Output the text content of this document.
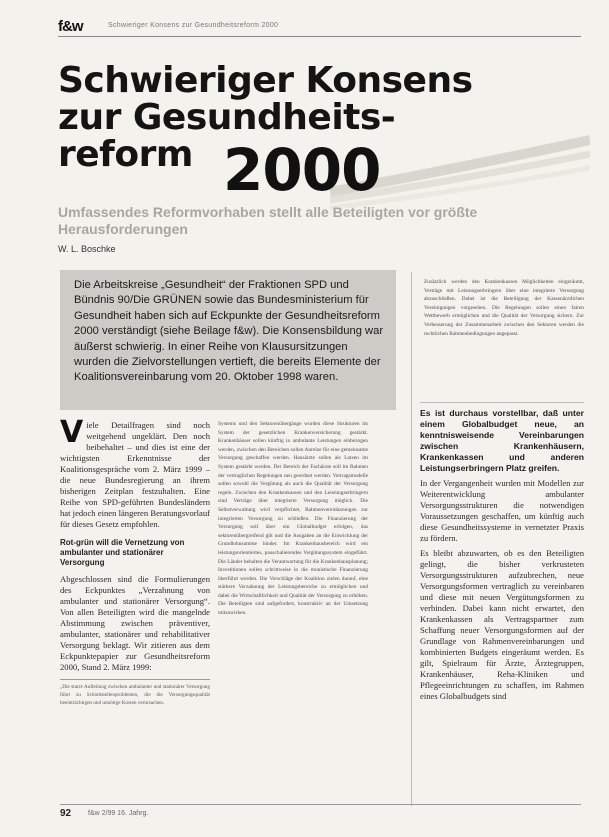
f&w	Schwieriger Konsens zur Gesundheitsreform 2000
Schwieriger Konsens zur Gesundheits-reform 2000

Umfassendes Reformvorhaben stellt alle Beteiligten vor größte Herausforderungen

W. L. Boschke
Die Arbeitskreise „Gesundheit“ der Fraktionen SPD und Bündnis 90/Die GRÜNEN sowie das Bundesministerium für Gesundheit haben sich auf Eckpunkte der Gesundheitsreform 2000 verständigt (siehe Beilage f&w). Die Konsensbildung war äußerst schwierig. In einer Reihe von Klausursitzungen wurden die Zielvorstellungen vertieft, die bereits Elemente der Koalitionsvereinbarung vom 20. Oktober 1998 waren.

Viele Detailfragen sind noch weitgehend ungeklärt. Den noch beibehaltet – und dies ist eine der wichtigsten Erkenntnisse der Koalitionsgespräche vom 2. März 1999 – die neue Bundesregierung an ihrem bisherigen Zeitplan festzuhalten. Eine Reihe von SPD-geführten Bundesländern hat jedoch einen längeren Beratungsvorlauf für dieses Gesetz empfohlen.

Rot-grün will die Vernetzung von ambulanter und stationärer Versorgung

Abgeschlossen sind die Formulierungen des Eckpunktes „Verzahnung von ambulanter und stationärer Versorgung“. Von allen Beteiligten wird die mangelnde Abstimmung zwischen präventiver, ambulanter, stationärer und rehabilitativer Versorgung beklagt. Wir zitieren aus dem Eckpunktepapier zur Gesundheitsreform 2000, Stand 2. März 1999:

„Die starre Aufteilung zwischen ambulanter und stationärer Versorgung führt zu Schnittstellenproblemen, die die Versorgungsqualität beeinträchtigen und unnötige Kosten verursachen.

Systems und den Sektorenübergänge wurden diese Strukturen im System der gesetzlichen Krankenversicherung gestärkt. Krankenhäuser sollen künftig in ambulante Leistungen einbezogen werden, zwischen den Bereichen sollen Anreize für eine gemeinsame Versorgung geschaffen werden. Hausärzte sollen als Lotsen im System gestärkt werden. Der Bereich der Fachärzte soll im Rahmen der vertraglichen Regelungen neu geordnet werden. Vertragsmodelle sollen sowohl die Vergütung als auch die Qualität der Versorgung regeln. Zwischen den Krankenkassen und den Leistungserbringern sind Verträge über integrierte Versorgung möglich. Die Selbstverwaltung wird verpflichtet, Rahmenvereinbarungen zur integrierten Versorgung zu schließen. Die Finanzierung der Versorgung soll über ein Globalbudget erfolgen, das sektorenübergreifend gilt und die Ausgaben an die Entwicklung der Grundlohnsumme bindet. Im Krankenhausbereich wird ein leistungsorientiertes, pauschalierendes Vergütungssystem eingeführt. Die Länder behalten die Verantwortung für die Krankenhausplanung; Investitionen sollen schrittweise in die monistische Finanzierung überführt werden. Die Vorschläge der Koalition zielen darauf, eine stärkere Verzahnung der Leistungsbereiche zu ermöglichen und dabei die Wirtschaftlichkeit und Qualität der Versorgung zu erhöhen. Die Beteiligten sind aufgefordert, konstruktiv an der Umsetzung mitzuwirken.

Zusätzlich werden den Krankenkassen Möglichkeiten eingeräumt, Verträge mit Leistungserbringern über eine integrierte Versorgung abzuschließen. Dabei ist die Beteiligung der Kassenärztlichen Vereinigungen vorgesehen. Die Regelungen sollen einen fairen Wettbewerb ermöglichen und die Qualität der Versorgung sichern. Zur Verbesserung der Zusammenarbeit zwischen den Sektoren werden die rechtlichen Rahmenbedingungen angepasst.

Es ist durchaus vorstellbar, daß unter einem Globalbudget neue, an kenntnisweisende Vereinbarungen zwischen Krankenhäusern, Krankenkassen und anderen Leistungserbringern Platz greifen.

In der Vergangenheit wurden mit Modellen zur Weiterentwicklung ambulanter Versorgungsstrukturen die notwendigen Voraussetzungen geschaffen, um künftig auch diese Gesundheitssysteme in vernetzter Praxis zu fördern.

Es bleibt abzuwarten, ob es den Beteiligten gelingt, die bisher verkrusteten Versorgungsstrukturen aufzubrechen, neue Versorgungsformen vertraglich zu vereinbaren und diese mit neuen Vergütungsformen zu verbinden. Dabei kann nicht erwartet, den Krankenkassen als Vertragspartner zum Schaffung neuer Versorgungsformen auf der Grundlage von Rahmenvereinbarungen und kombinierten Budgets eingeräumt werden. Es gilt, Spielraum für Ärzte, Ärztegruppen, Krankenhäuser, Reha-Kliniken und Pflegeeinrichtungen zu schaffen, im Rahmen eines Globalbudgets sind

92 f&w 2/99 16. Jahrg.
